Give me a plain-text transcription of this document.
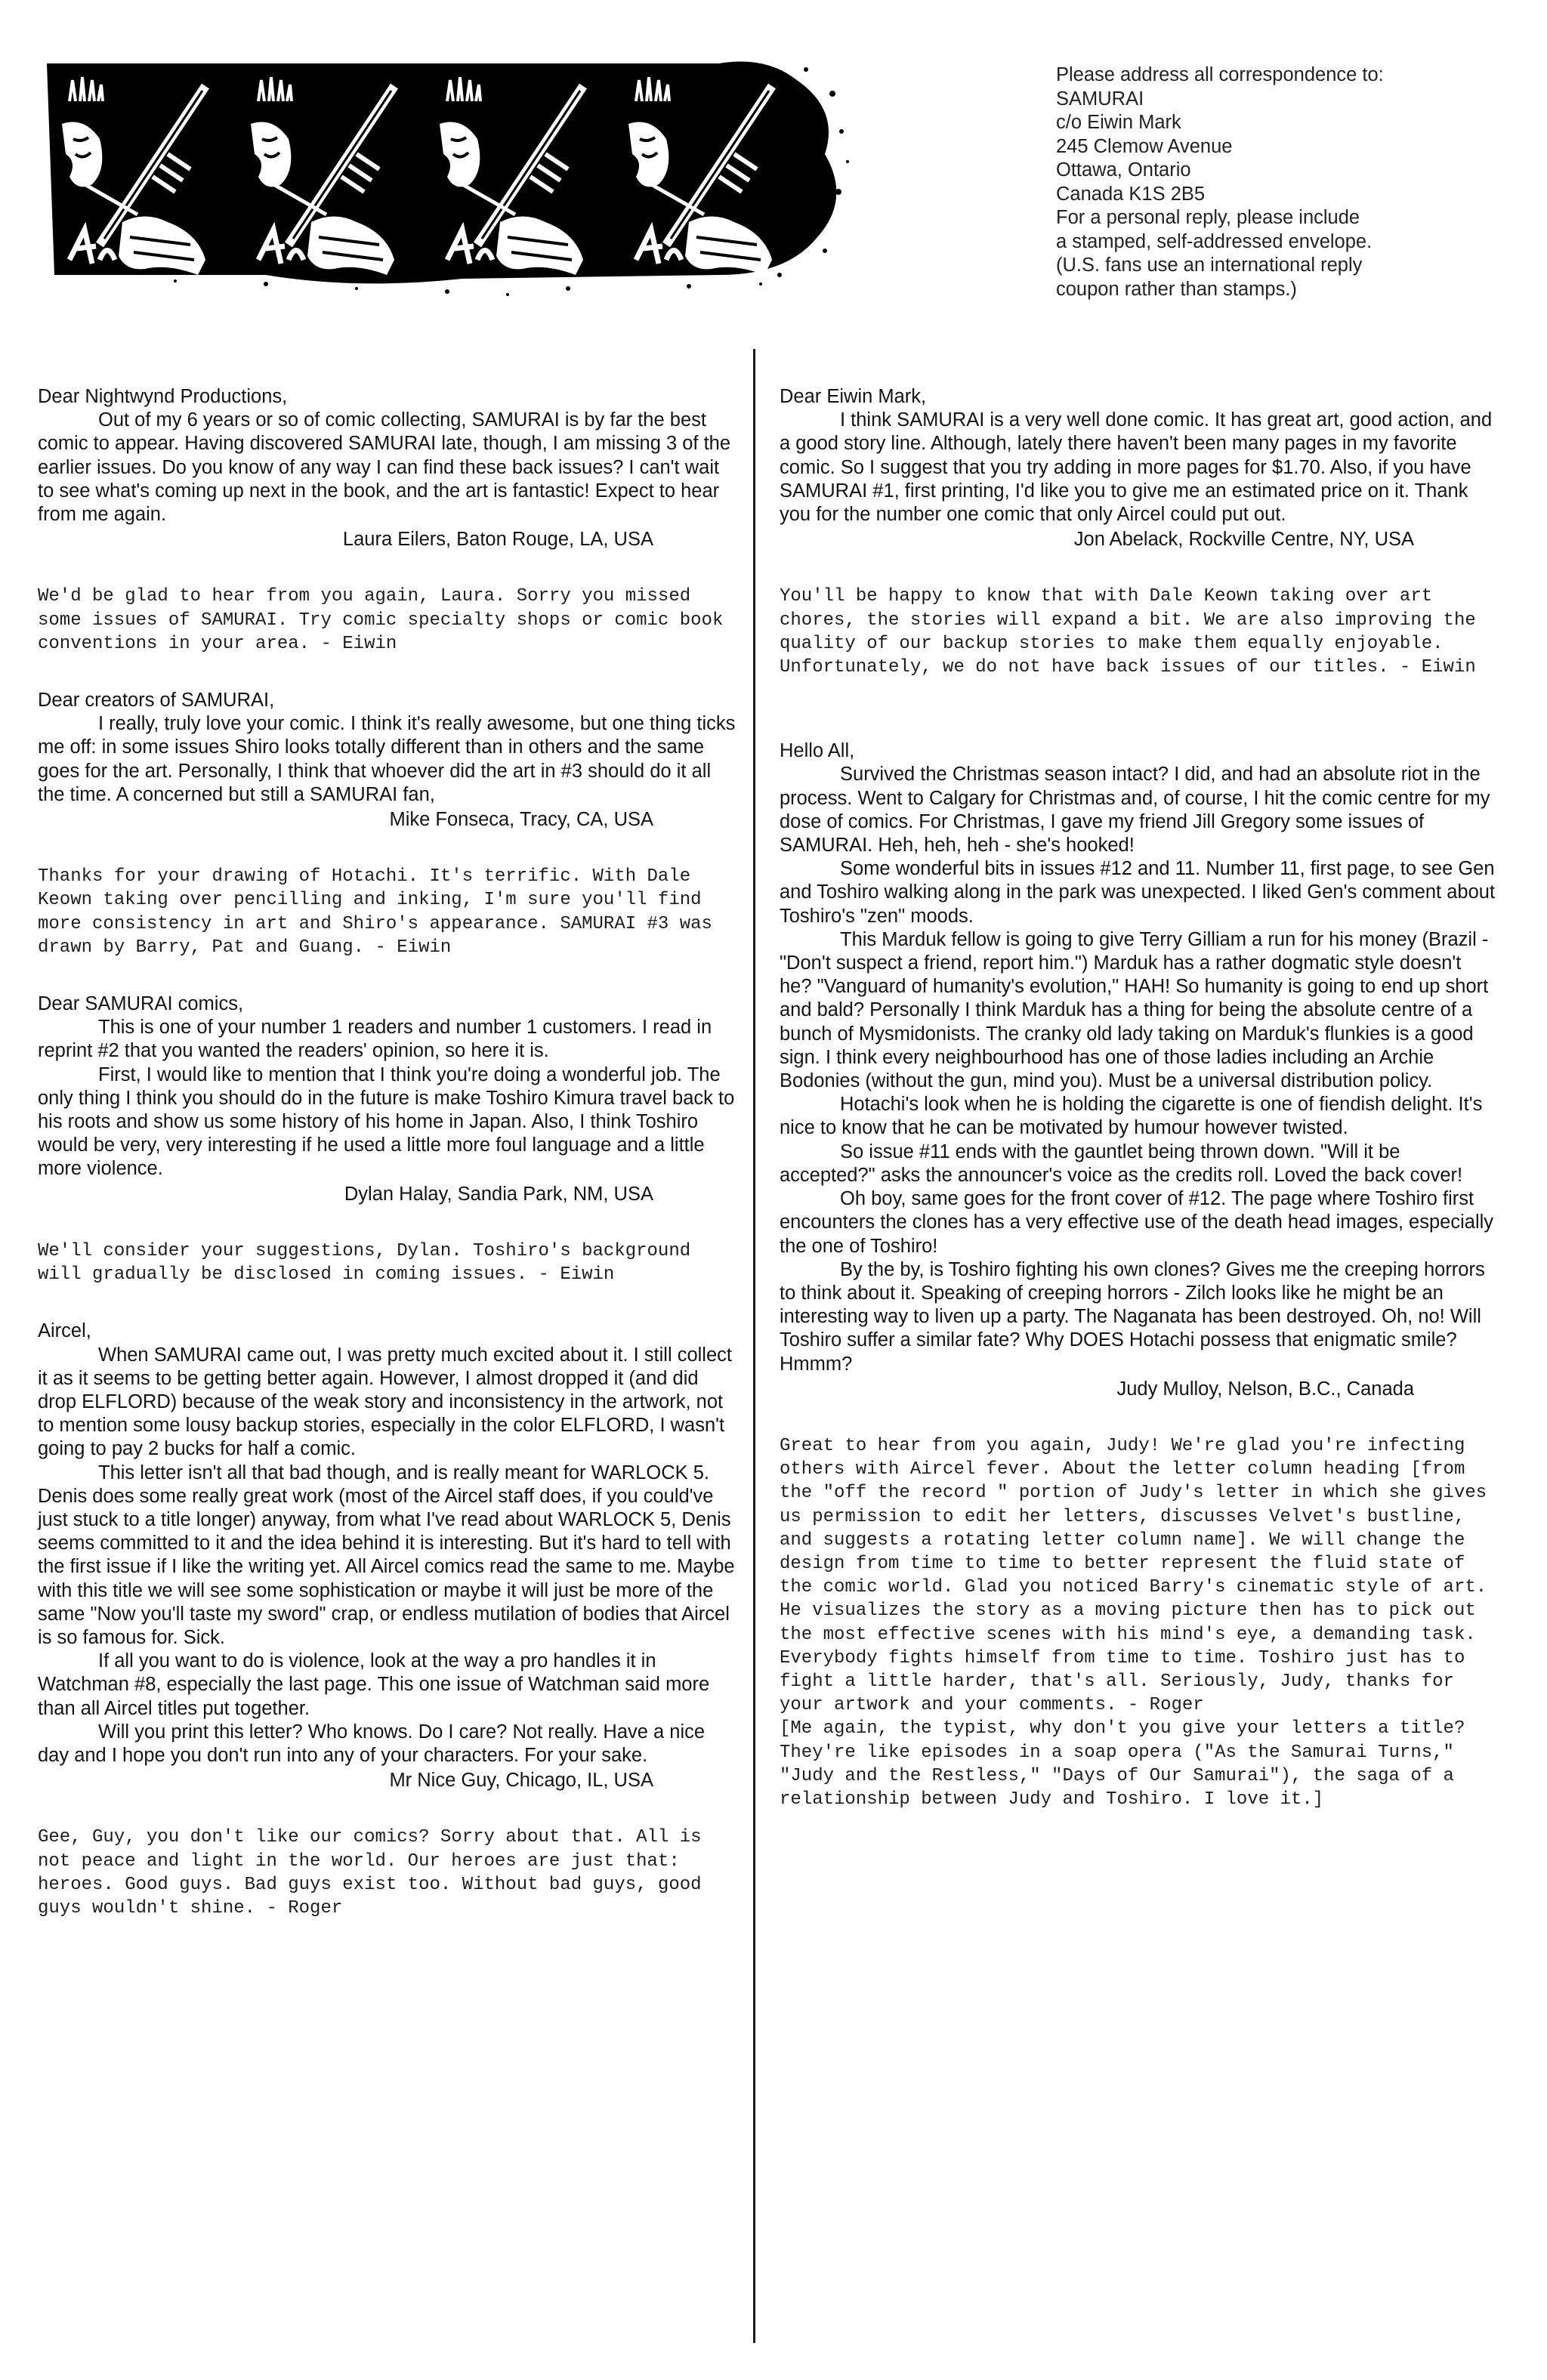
Please address all correspondence to:
SAMURAI
c/o Eiwin Mark
245 Clemow Avenue
Ottawa, Ontario
Canada K1S 2B5
For a personal reply, please include
a stamped, self-addressed envelope.
(U.S. fans use an international reply
coupon rather than stamps.)

Dear Nightwynd Productions,

Out of my 6 years or so of comic collecting, SAMURAI is by far the best comic to appear. Having discovered SAMURAI late, though, I am missing 3 of the earlier issues. Do you know of any way I can find these back issues? I can't wait to see what's coming up next in the book, and the art is fantastic! Expect to hear from me again.

Laura Eilers, Baton Rouge, LA, USA

We'd be glad to hear from you again, Laura. Sorry you missed some issues of SAMURAI. Try comic specialty shops or comic book conventions in your area. - Eiwin

Dear creators of SAMURAI,

I really, truly love your comic. I think it's really awesome, but one thing ticks me off: in some issues Shiro looks totally different than in others and the same goes for the art. Personally, I think that whoever did the art in #3 should do it all the time. A concerned but still a SAMURAI fan,

Mike Fonseca, Tracy, CA, USA

Thanks for your drawing of Hotachi. It's terrific. With Dale Keown taking over pencilling and inking, I'm sure you'll find more consistency in art and Shiro's appearance. SAMURAI #3 was drawn by Barry, Pat and Guang. - Eiwin

Dear SAMURAI comics,

This is one of your number 1 readers and number 1 customers. I read in reprint #2 that you wanted the readers' opinion, so here it is.

First, I would like to mention that I think you're doing a wonderful job. The only thing I think you should do in the future is make Toshiro Kimura travel back to his roots and show us some history of his home in Japan. Also, I think Toshiro would be very, very interesting if he used a little more foul language and a little more violence.

Dylan Halay, Sandia Park, NM, USA

We'll consider your suggestions, Dylan. Toshiro's background will gradually be disclosed in coming issues. - Eiwin

Aircel,

When SAMURAI came out, I was pretty much excited about it. I still collect it as it seems to be getting better again. However, I almost dropped it (and did drop ELFLORD) because of the weak story and inconsistency in the artwork, not to mention some lousy backup stories, especially in the color ELFLORD, I wasn't going to pay 2 bucks for half a comic.

This letter isn't all that bad though, and is really meant for WARLOCK 5. Denis does some really great work (most of the Aircel staff does, if you could've just stuck to a title longer) anyway, from what I've read about WARLOCK 5, Denis seems committed to it and the idea behind it is interesting. But it's hard to tell with the first issue if I like the writing yet. All Aircel comics read the same to me. Maybe with this title we will see some sophistication or maybe it will just be more of the same "Now you'll taste my sword" crap, or endless mutilation of bodies that Aircel is so famous for. Sick.

If all you want to do is violence, look at the way a pro handles it in Watchman #8, especially the last page. This one issue of Watchman said more than all Aircel titles put together.

Will you print this letter? Who knows. Do I care? Not really. Have a nice day and I hope you don't run into any of your characters. For your sake.

Mr Nice Guy, Chicago, IL, USA

Gee, Guy, you don't like our comics? Sorry about that. All is not peace and light in the world. Our heroes are just that: heroes. Good guys. Bad guys exist too. Without bad guys, good guys wouldn't shine. - Roger

Dear Eiwin Mark,

I think SAMURAI is a very well done comic. It has great art, good action, and a good story line. Although, lately there haven't been many pages in my favorite comic. So I suggest that you try adding in more pages for $1.70. Also, if you have SAMURAI #1, first printing, I'd like you to give me an estimated price on it. Thank you for the number one comic that only Aircel could put out.

Jon Abelack, Rockville Centre, NY, USA

You'll be happy to know that with Dale Keown taking over art chores, the stories will expand a bit. We are also improving the quality of our backup stories to make them equally enjoyable. Unfortunately, we do not have back issues of our titles. - Eiwin

Hello All,

Survived the Christmas season intact? I did, and had an absolute riot in the process. Went to Calgary for Christmas and, of course, I hit the comic centre for my dose of comics. For Christmas, I gave my friend Jill Gregory some issues of SAMURAI. Heh, heh, heh - she's hooked!

Some wonderful bits in issues #12 and 11. Number 11, first page, to see Gen and Toshiro walking along in the park was unexpected. I liked Gen's comment about Toshiro's "zen" moods.

This Marduk fellow is going to give Terry Gilliam a run for his money (Brazil - "Don't suspect a friend, report him.") Marduk has a rather dogmatic style doesn't he? "Vanguard of humanity's evolution," HAH! So humanity is going to end up short and bald? Personally I think Marduk has a thing for being the absolute centre of a bunch of Mysmidonists. The cranky old lady taking on Marduk's flunkies is a good sign. I think every neighbourhood has one of those ladies including an Archie Bodonies (without the gun, mind you). Must be a universal distribution policy.

Hotachi's look when he is holding the cigarette is one of fiendish delight. It's nice to know that he can be motivated by humour however twisted.

So issue #11 ends with the gauntlet being thrown down. "Will it be accepted?" asks the announcer's voice as the credits roll. Loved the back cover!

Oh boy, same goes for the front cover of #12. The page where Toshiro first encounters the clones has a very effective use of the death head images, especially the one of Toshiro!

By the by, is Toshiro fighting his own clones? Gives me the creeping horrors to think about it. Speaking of creeping horrors - Zilch looks like he might be an interesting way to liven up a party. The Naganata has been destroyed. Oh, no! Will Toshiro suffer a similar fate? Why DOES Hotachi possess that enigmatic smile? Hmmm?

Judy Mulloy, Nelson, B.C., Canada

Great to hear from you again, Judy! We're glad you're infecting others with Aircel fever. About the letter column heading [from the "off the record " portion of Judy's letter in which she gives us permission to edit her letters, discusses Velvet's bustline, and suggests a rotating letter column name]. We will change the design from time to time to better represent the fluid state of the comic world. Glad you noticed Barry's cinematic style of art. He visualizes the story as a moving picture then has to pick out the most effective scenes with his mind's eye, a demanding task. Everybody fights himself from time to time. Toshiro just has to fight a little harder, that's all. Seriously, Judy, thanks for your artwork and your comments. - Roger

[Me again, the typist, why don't you give your letters a title? They're like episodes in a soap opera ("As the Samurai Turns," "Judy and the Restless," "Days of Our Samurai"), the saga of a relationship between Judy and Toshiro. I love it.]
